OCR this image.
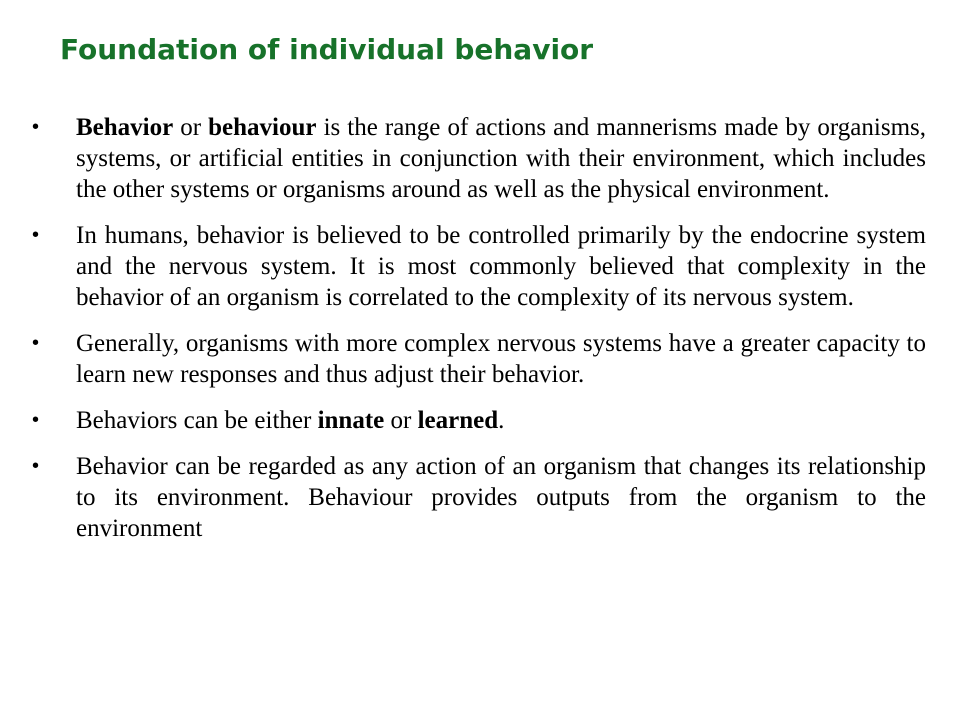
Foundation of individual behavior
•	Behavior or behaviour is the range of actions and mannerisms made by organisms, systems, or artificial entities in conjunction with their environment, which includes the other systems or organisms around as well as the physical environment.
•	In humans, behavior is believed to be controlled primarily by the endocrine system and the nervous system. It is most commonly believed that complexity in the behavior of an organism is correlated to the complexity of its nervous system.
•	Generally, organisms with more complex nervous systems have a greater capacity to learn new responses and thus adjust their behavior.
•	Behaviors can be either innate or learned.
•	Behavior can be regarded as any action of an organism that changes its relationship to its environment. Behaviour provides outputs from the organism to the environment
